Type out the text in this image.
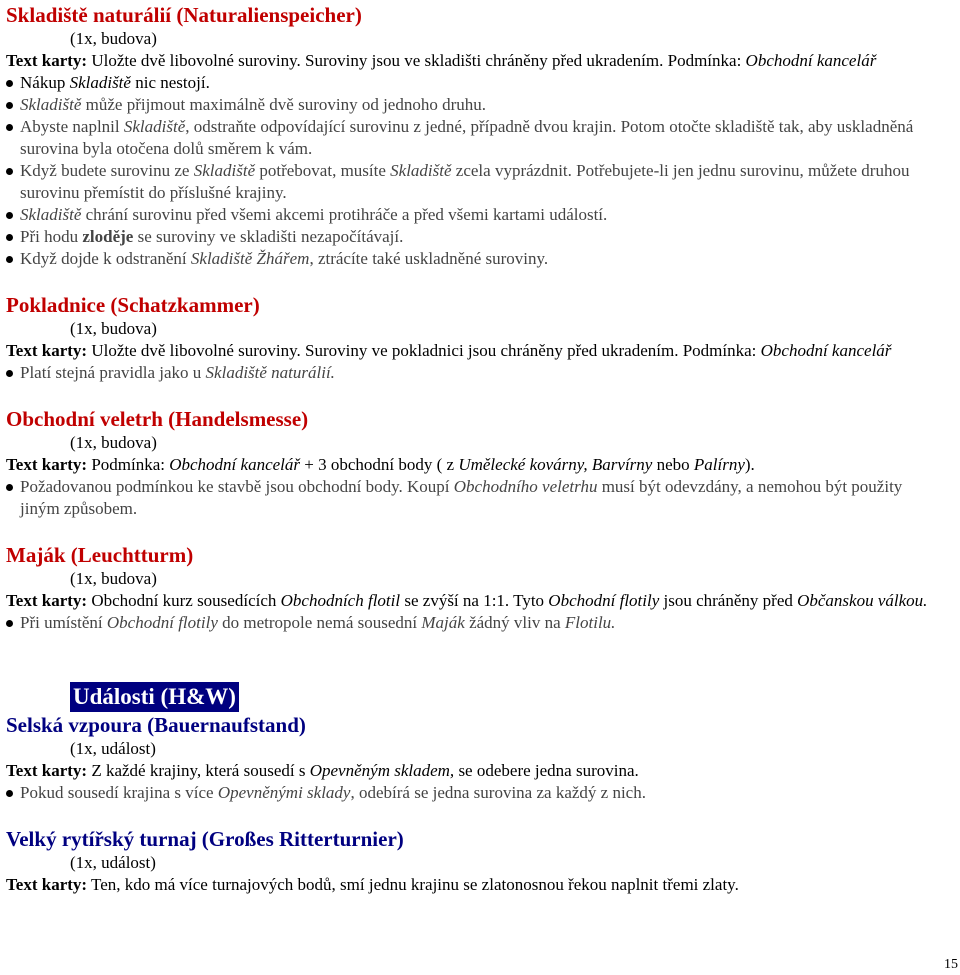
Skladiště naturálií (Naturalienspeicher)
(1x, budova)
Text karty: Uložte dvě libovolné suroviny. Suroviny jsou ve skladišti chráněny před ukradením. Podmínka: Obchodní kancelář
Nákup Skladiště nic nestojí.
Skladiště může přijmout maximálně dvě suroviny od jednoho druhu.
Abyste naplnil Skladiště, odstraňte odpovídající surovinu z jedné, případně dvou krajin. Potom otočte skladiště tak, aby uskladněná surovina byla otočena dolů směrem k vám.
Když budete surovinu ze Skladiště potřebovat, musíte Skladiště zcela vyprázdnit. Potřebujete-li jen jednu surovinu, můžete druhou surovinu přemístit do příslušné krajiny.
Skladiště chrání surovinu před všemi akcemi protihráče a před všemi kartami událostí.
Při hodu zloděje se suroviny ve skladišti nezapočítávají.
Když dojde k odstranění Skladiště Žhářem, ztrácíte také uskladněné suroviny.
Pokladnice (Schatzkammer)
(1x, budova)
Text karty: Uložte dvě libovolné suroviny. Suroviny ve pokladnici jsou chráněny před ukradením. Podmínka: Obchodní kancelář
Platí stejná pravidla jako u Skladiště naturálií.
Obchodní veletrh (Handelsmesse)
(1x, budova)
Text karty: Podmínka: Obchodní kancelář + 3 obchodní body ( z Umělecké kovárny, Barvírny nebo Palírny).
Požadovanou podmínkou ke stavbě jsou obchodní body. Koupí Obchodního veletrhu musí být odevzdány, a nemohou být použity jiným způsobem.
Maják (Leuchtturm)
(1x, budova)
Text karty: Obchodní kurz sousedících Obchodních flotil se zvýší na 1:1. Tyto Obchodní flotily jsou chráněny před Občanskou válkou.
Při umístění Obchodní flotily do metropole nemá sousední Maják žádný vliv na Flotilu.
Události (H&W)
Selská vzpoura (Bauernaufstand)
(1x, událost)
Text karty: Z každé krajiny, která sousedí s Opevněným skladem, se odebere jedna surovina.
Pokud sousedí krajina s více Opevněnými sklady, odebírá se jedna surovina za každý z nich.
Velký rytířský turnaj (Großes Ritterturnier)
(1x, událost)
Text karty: Ten, kdo má více turnajových bodů, smí jednu krajinu se zlatonosnou řekou naplnit třemi zlaty.
15
